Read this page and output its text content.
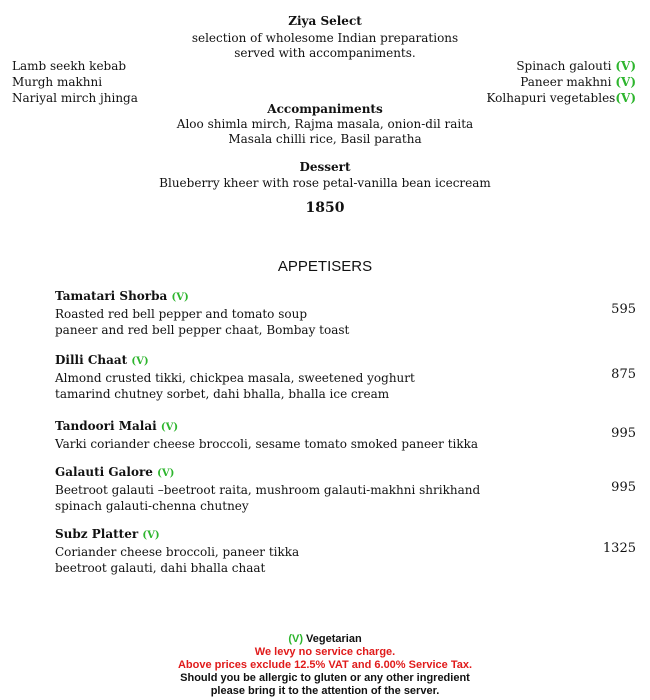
Ziya Select
selection of wholesome Indian preparations
served with accompaniments.
Lamb seekh kebab
Murgh makhni
Nariyal mirch jhinga
Spinach galouti (V)
Paneer makhni (V)
Kolhapuri vegetables(V)
Accompaniments
Aloo shimla mirch, Rajma masala, onion-dil raita
Masala chilli rice, Basil paratha
Dessert
Blueberry kheer with rose petal-vanilla bean icecream
1850
APPETISERS
Tamatari Shorba (V)
Roasted red bell pepper and tomato soup
paneer and red bell pepper chaat, Bombay toast
595
Dilli Chaat (V)
Almond crusted tikki, chickpea masala, sweetened yoghurt
tamarind chutney sorbet, dahi bhalla, bhalla ice cream
875
Tandoori Malai (V)
Varki coriander cheese broccoli, sesame tomato smoked paneer tikka
995
Galauti Galore (V)
Beetroot galauti –beetroot raita, mushroom galauti-makhni shrikhand
spinach galauti-chenna chutney
995
Subz Platter (V)
Coriander cheese broccoli, paneer tikka
beetroot galauti, dahi bhalla chaat
1325
(V) Vegetarian
We levy no service charge.
Above prices exclude 12.5% VAT and 6.00% Service Tax.
Should you be allergic to gluten or any other ingredient
please bring it to the attention of the server.
